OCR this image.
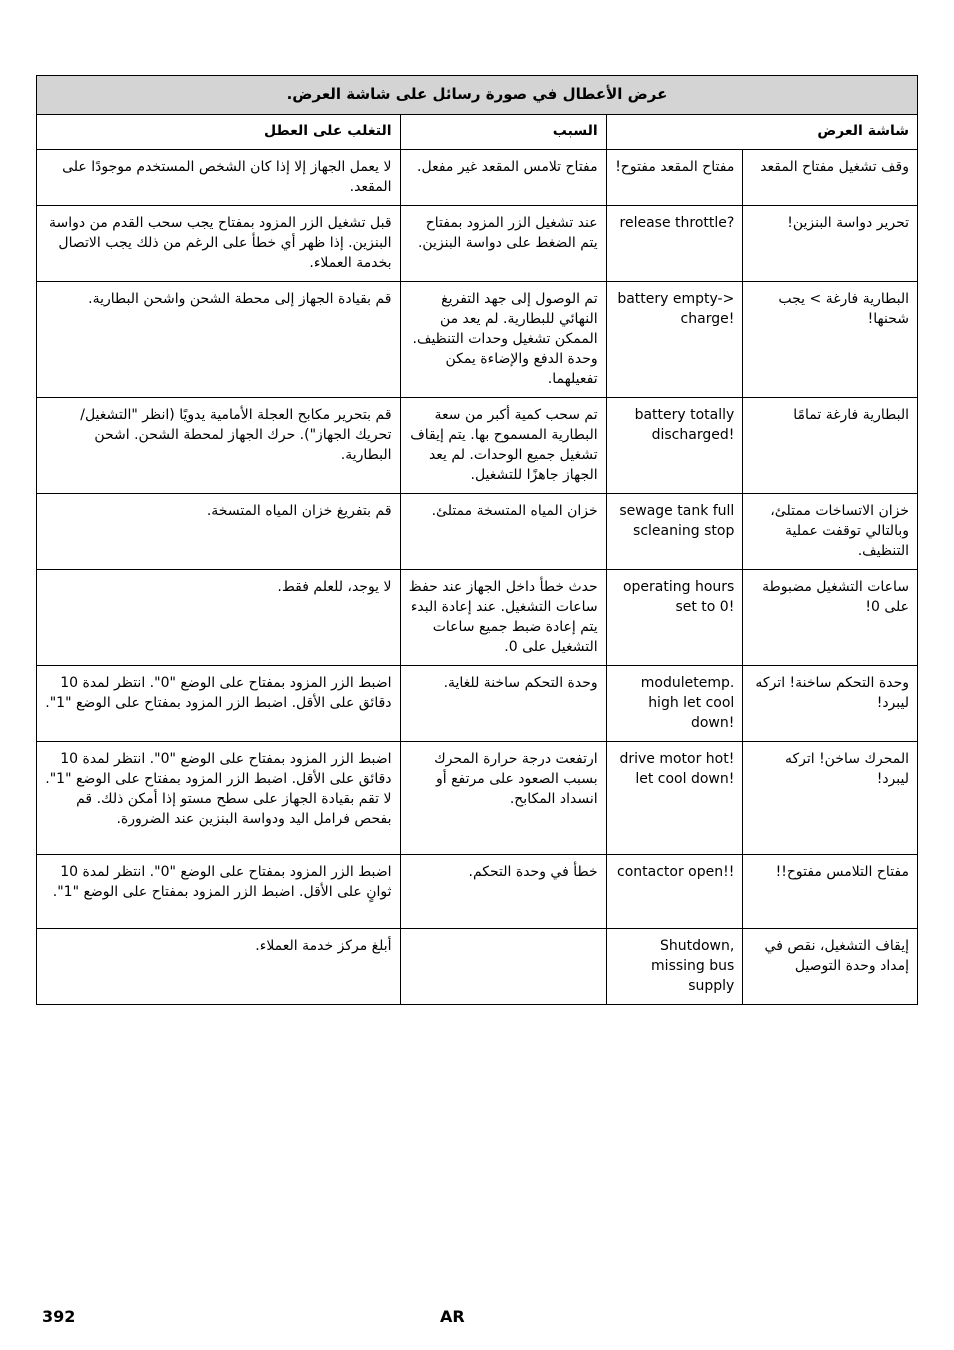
عرض الأعطال في صورة رسائل على شاشة العرض.			
شاشة العرض		السبب	التغلب على العطل
وقف تشغيل مفتاح المقعد	مفتاح المقعد مفتوح!	مفتاح تلامس المقعد غير مفعل.	لا يعمل الجهاز إلا إذا كان الشخص المستخدم موجودًا على المقعد.
تحرير دواسة البنزين!	release throttle?	عند تشغيل الزر المزود بمفتاح يتم الضغط على دواسة البنزين.	قبل تشغيل الزر المزود بمفتاح يجب سحب القدم من دواسة البنزين. إذا ظهر أي خطأ على الرغم من ذلك يجب الاتصال بخدمة العملاء.
البطارية فارغة > يجب شحنها!	battery empty-> charge!	تم الوصول إلى جهد التفريغ النهائي للبطارية. لم يعد من الممكن تشغيل وحدات التنظيف. وحدة الدفع والإضاءة يمكن تفعيلهما.	قم بقيادة الجهاز إلى محطة الشحن واشحن البطارية.
البطارية فارغة تمامًا	battery totally discharged!	تم سحب كمية أكبر من سعة البطارية المسموح بها. يتم إيقاف تشغيل جميع الوحدات. لم يعد الجهاز جاهزًا للتشغيل.	قم بتحرير مكابح العجلة الأمامية يدويًا (انظر "التشغيل/ تحريك الجهاز"). حرك الجهاز لمحطة الشحن. اشحن البطارية.
خزان الاتساخات ممتلئ، وبالتالي توقفت عملية التنظيف.	sewage tank full scleaning stop	خزان المياه المتسخة ممتلئ.	قم بتفريغ خزان المياه المتسخة.
ساعات التشغيل مضبوطة على 0!	operating hours set to 0!	حدث خطأ داخل الجهاز عند حفظ ساعات التشغيل. عند إعادة البدء يتم إعادة ضبط جميع ساعات التشغيل على 0.	لا يوجد، للعلم فقط.
وحدة التحكم ساخنة! اتركه ليبرد!	moduletemp. high let cool down!	وحدة التحكم ساخنة للغاية.	اضبط الزر المزود بمفتاح على الوضع "0". انتظر لمدة 10 دقائق على الأقل. اضبط الزر المزود بمفتاح على الوضع "1".
المحرك ساخن! اتركه ليبرد!	drive motor hot! let cool down!	ارتفعت درجة حرارة المحرك بسبب الصعود على مرتفع أو انسداد المكابح.	اضبط الزر المزود بمفتاح على الوضع "0". انتظر لمدة 10 دقائق على الأقل. اضبط الزر المزود بمفتاح على الوضع "1". لا تقم بقيادة الجهاز على سطح مستو إذا أمكن ذلك. قم بفحص فرامل اليد ودواسة البنزين عند الضرورة.
مفتاح التلامس مفتوح!!	contactor open!!	خطأ في وحدة التحكم.	اضبط الزر المزود بمفتاح على الوضع "0". انتظر لمدة 10 ثوانٍ على الأقل. اضبط الزر المزود بمفتاح على الوضع "1".
إيقاف التشغيل، نقص في إمداد وحدة التوصيل	Shutdown, missing bus supply		أبلغ مركز خدمة العملاء.
392	AR
